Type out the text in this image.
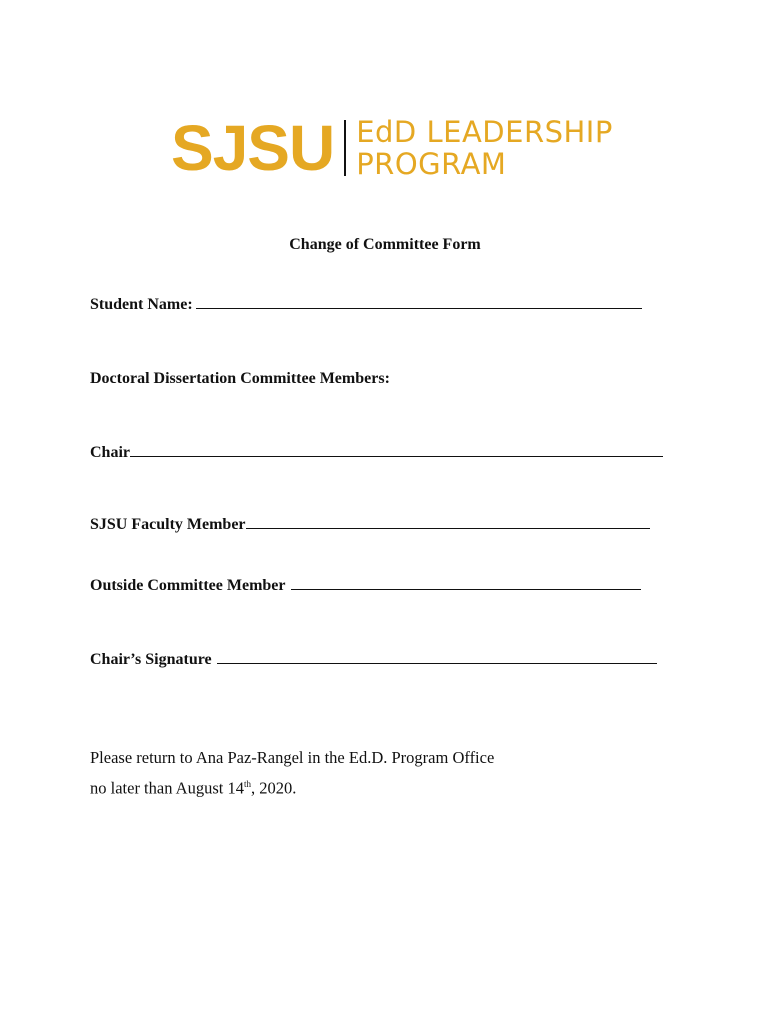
SJSU EdD LEADERSHIP
PROGRAM
Change of Committee Form
Student Name:
Doctoral Dissertation Committee Members:
Chair
SJSU Faculty Member
Outside Committee Member
Chair’s Signature
Please return to Ana Paz-Rangel in the Ed.D. Program Office
no later than August 14th, 2020.
